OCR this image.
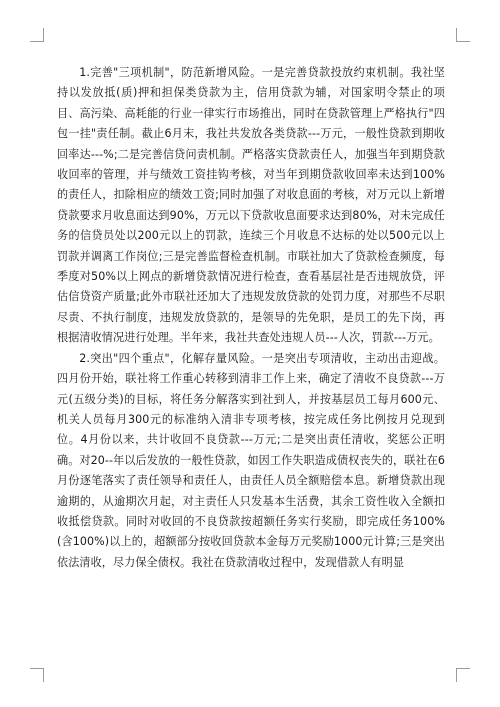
1.完善"三项机制"，防范新增风险。一是完善贷款投放约束机制。我社坚持以发放抵(质)押和担保类贷款为主，信用贷款为辅，对国家明令禁止的项目、高污染、高耗能的行业一律实行市场推出，同时在贷款管理上严格执行"四包一挂"责任制。截止6月末，我社共发放各类贷款---万元，一般性贷款到期收回率达---%;二是完善信贷问责机制。严格落实贷款责任人，加强当年到期贷款收回率的管理，并与绩效工资挂钩考核，对当年到期贷款收回率未达到100%的责任人，扣除相应的绩效工资;同时加强了对收息面的考核，对万元以上新增贷款要求月收息面达到90%，万元以下贷款收息面要求达到80%，对未完成任务的信贷员处以200元以上的罚款，连续三个月收息不达标的处以500元以上罚款并调离工作岗位;三是完善监督检查机制。市联社加大了贷款检查频度，每季度对50%以上网点的新增贷款情况进行检查，查看基层社是否违规放贷，评估信贷资产质量;此外市联社还加大了违规发放贷款的处罚力度，对那些不尽职尽责、不执行制度，违规发放贷款的，是领导的先免职，是员工的先下岗，再根据清收情况进行处理。半年来，我社共查处违规人员---人次，罚款---万元。

2.突出"四个重点"，化解存量风险。一是突出专项清收，主动出击迎战。四月份开始，联社将工作重心转移到清非工作上来，确定了清收不良贷款---万元(五级分类)的目标，将任务分解落实到社到人，并按基层员工每月600元、机关人员每月300元的标准纳入清非专项考核，按完成任务比例按月兑现到位。4月份以来，共计收回不良贷款---万元;二是突出责任清收，奖惩公正明确。对20--年以后发放的一般性贷款，如因工作失职造成债权丧失的，联社在6月份逐笔落实了责任领导和责任人，由责任人员全额赔偿本息。新增贷款出现逾期的，从逾期次月起，对主责任人只发基本生活费，其余工资性收入全额扣收抵偿贷款。同时对收回的不良贷款按超额任务实行奖励，即完成任务100%(含100%)以上的，超额部分按收回贷款本金每万元奖励1000元计算;三是突出依法清收，尽力保全债权。我社在贷款清收过程中，发现借款人有明显
